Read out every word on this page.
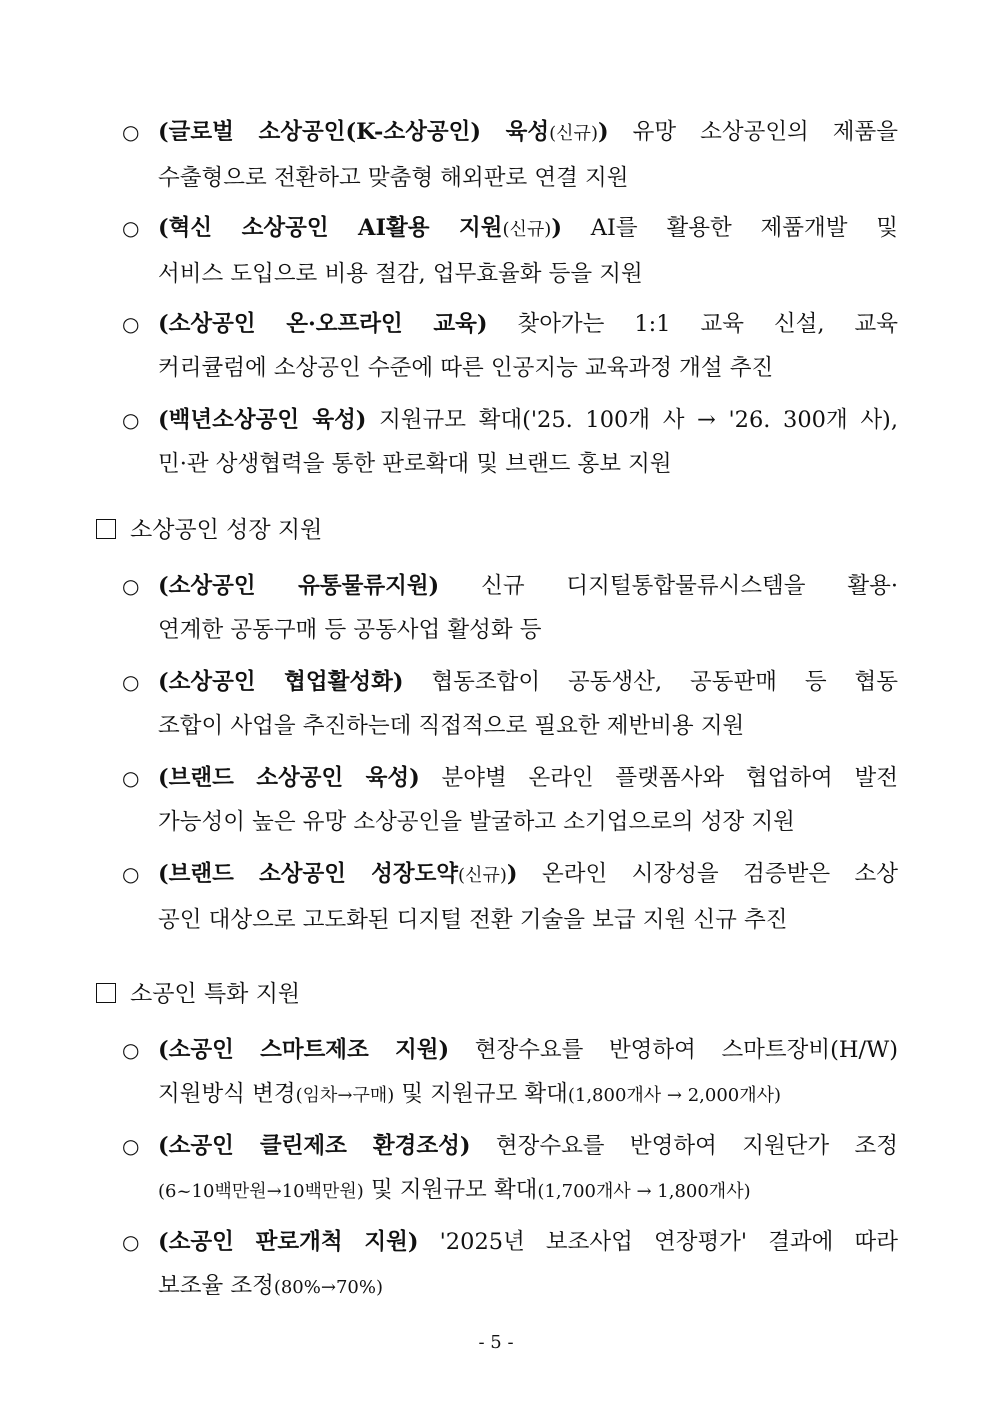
○ (글로벌 소상공인(K-소상공인) 육성(신규)) 유망 소상공인의 제품을
수출형으로 전환하고 맞춤형 해외판로 연결 지원
○ (혁신 소상공인 AI활용 지원(신규)) AI를 활용한 제품개발 및
서비스 도입으로 비용 절감, 업무효율화 등을 지원
○ (소상공인 온·오프라인 교육) 찾아가는 1:1 교육 신설, 교육
커리큘럼에 소상공인 수준에 따른 인공지능 교육과정 개설 추진
○ (백년소상공인 육성) 지원규모 확대('25. 100개 사 → '26. 300개 사),
민·관 상생협력을 통한 판로확대 및 브랜드 홍보 지원
소상공인 성장 지원
○ (소상공인 유통물류지원) 신규 디지털통합물류시스템을 활용·
연계한 공동구매 등 공동사업 활성화 등
○ (소상공인 협업활성화) 협동조합이 공동생산, 공동판매 등 협동
조합이 사업을 추진하는데 직접적으로 필요한 제반비용 지원
○ (브랜드 소상공인 육성) 분야별 온라인 플랫폼사와 협업하여 발전
가능성이 높은 유망 소상공인을 발굴하고 소기업으로의 성장 지원
○ (브랜드 소상공인 성장도약(신규)) 온라인 시장성을 검증받은 소상
공인 대상으로 고도화된 디지털 전환 기술을 보급 지원 신규 추진
소공인 특화 지원
○ (소공인 스마트제조 지원) 현장수요를 반영하여 스마트장비(H/W)
지원방식 변경(임차→구매) 및 지원규모 확대(1,800개사 → 2,000개사)
○ (소공인 클린제조 환경조성) 현장수요를 반영하여 지원단가 조정
(6~10백만원→10백만원) 및 지원규모 확대(1,700개사 → 1,800개사)
○ (소공인 판로개척 지원) '2025년 보조사업 연장평가' 결과에 따라
보조율 조정(80%→70%)
- 5 -
